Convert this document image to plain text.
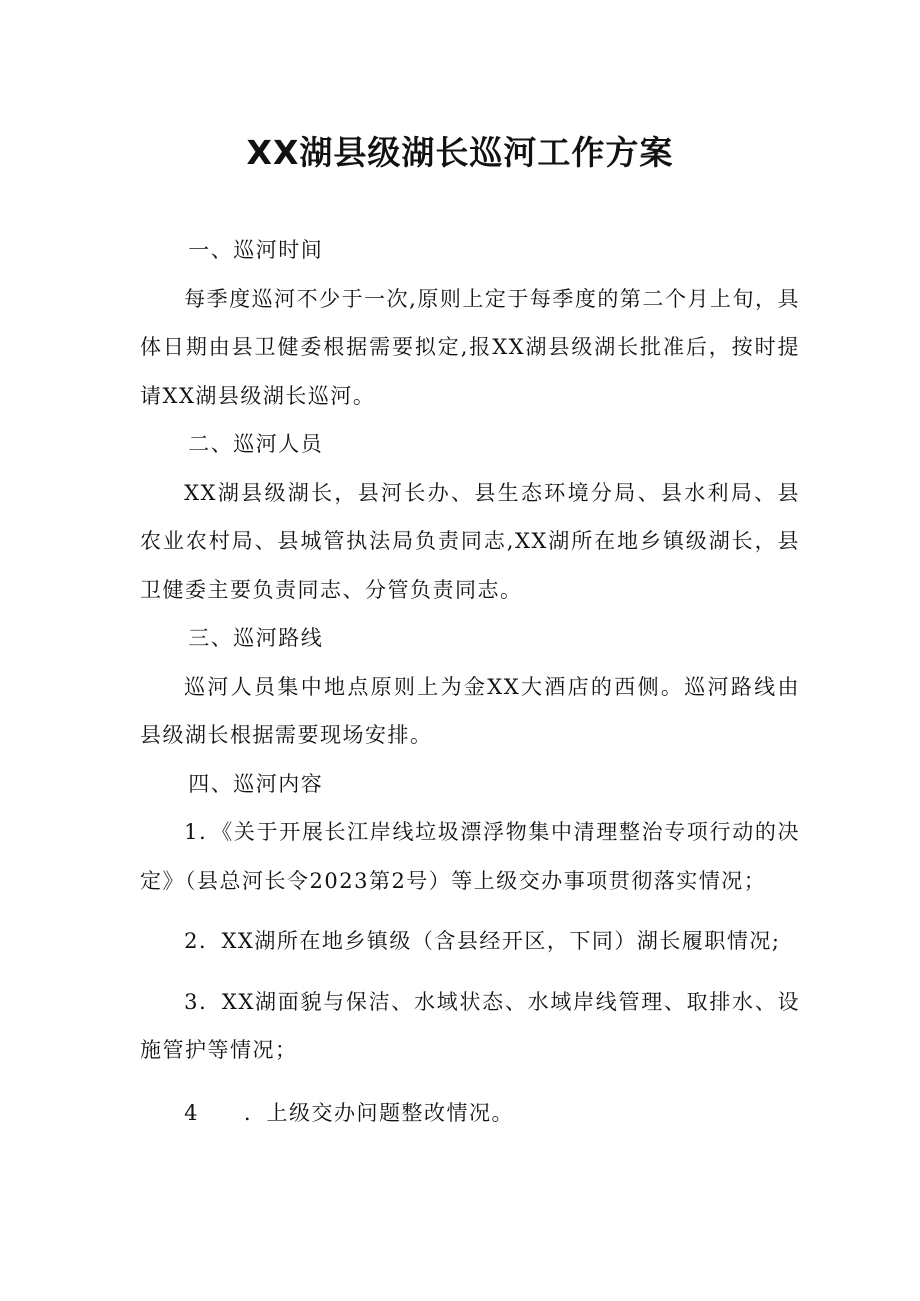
XX湖县级湖长巡河工作方案

一、巡河时间

每季度巡河不少于一次,原则上定于每季度的第二个月上旬，具体日期由县卫健委根据需要拟定,报XX湖县级湖长批准后，按时提请XX湖县级湖长巡河。

二、巡河人员

XX湖县级湖长，县河长办、县生态环境分局、县水利局、县农业农村局、县城管执法局负责同志,XX湖所在地乡镇级湖长，县卫健委主要负责同志、分管负责同志。

三、巡河路线

巡河人员集中地点原则上为金XX大酒店的西侧。巡河路线由县级湖长根据需要现场安排。

四、巡河内容

1．《关于开展长江岸线垃圾漂浮物集中清理整治专项行动的决定》（县总河长令2023第2号）等上级交办事项贯彻落实情况；

2．XX湖所在地乡镇级（含县经开区，下同）湖长履职情况;

3．XX湖面貌与保洁、水域状态、水域岸线管理、取排水、设施管护等情况；

4　　．上级交办问题整改情况。
